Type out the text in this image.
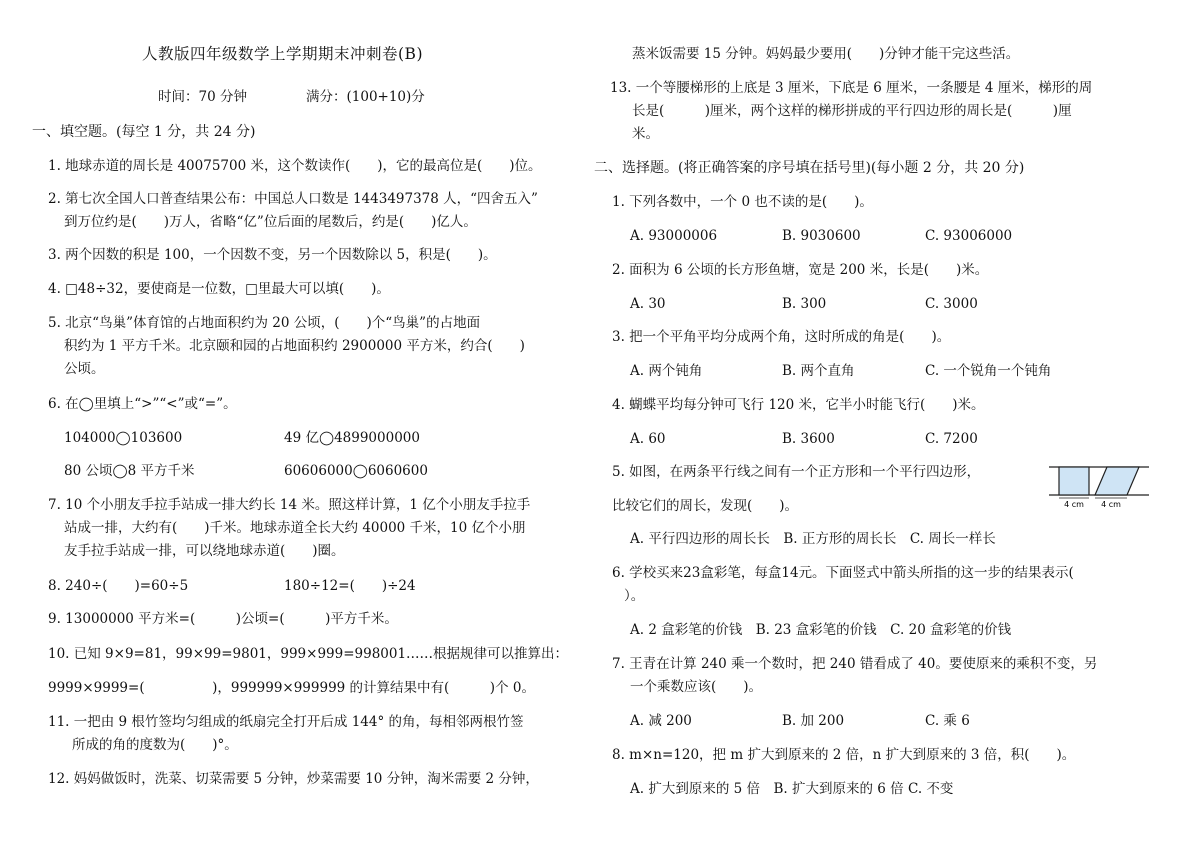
人教版四年级数学上学期期末冲刺卷(B)
时间：70 分钟	满分：(100+10)分
一、填空题。(每空 1 分，共 24 分)
1. 地球赤道的周长是 40075700 米，这个数读作(　　)，它的最高位是(　　)位。
2. 第七次全国人口普查结果公布：中国总人口数是 1443497378 人，“四舍五入”
到万位约是(　　)万人，省略“亿”位后面的尾数后，约是(　　)亿人。
3. 两个因数的积是 100，一个因数不变，另一个因数除以 5，积是(　　)。
4. □48÷32，要使商是一位数，□里最大可以填(　　)。
5. 北京“鸟巢”体育馆的占地面积约为 20 公顷，(　　)个“鸟巢”的占地面
积约为 1 平方千米。北京颐和园的占地面积约 2900000 平方米，约合(　　)
公顷。
6. 在◯里填上“>”“<”或“=”。
104000◯103600	49 亿◯4899000000
80 公顷◯8 平方千米	60606000◯6060600
7. 10 个小朋友手拉手站成一排大约长 14 米。照这样计算，1 亿个小朋友手拉手
站成一排，大约有(　　)千米。地球赤道全长大约 40000 千米，10 亿个小朋
友手拉手站成一排，可以绕地球赤道(　　)圈。
8. 240÷(　　)=60÷5	180÷12=(　　)÷24
9. 13000000 平方米=(　　　)公顷=(　　　)平方千米。
10. 已知 9×9=81，99×99=9801，999×999=998001……根据规律可以推算出：
9999×9999=(　　　　　)，999999×999999 的计算结果中有(　　　)个 0。
11. 一把由 9 根竹签均匀组成的纸扇完全打开后成 144° 的角，每相邻两根竹签
所成的角的度数为(　　)°。
12. 妈妈做饭时，洗菜、切菜需要 5 分钟，炒菜需要 10 分钟，淘米需要 2 分钟，
蒸米饭需要 15 分钟。妈妈最少要用(　　)分钟才能干完这些活。
13. 一个等腰梯形的上底是 3 厘米，下底是 6 厘米，一条腰是 4 厘米，梯形的周
长是(　　　)厘米，两个这样的梯形拼成的平行四边形的周长是(　　　)厘
米。
二、选择题。(将正确答案的序号填在括号里)(每小题 2 分，共 20 分)
1. 下列各数中，一个 0 也不读的是(　　)。
A. 93000006	B. 9030600	C. 93006000
2. 面积为 6 公顷的长方形鱼塘，宽是 200 米，长是(　　)米。
A. 30	B. 300	C. 3000
3. 把一个平角平均分成两个角，这时所成的角是(　　)。
A. 两个钝角	B. 两个直角	C. 一个锐角一个钝角
4. 蝴蝶平均每分钟可飞行 120 米，它半小时能飞行(　　)米。
A. 60	B. 3600	C. 7200
5. 如图，在两条平行线之间有一个正方形和一个平行四边形，
比较它们的周长，发现(　　)。	4 cm 4 cm
A. 平行四边形的周长长　B. 正方形的周长长　C. 周长一样长
6. 学校买来23盒彩笔，每盒14元。下面竖式中箭头所指的这一步的结果表示(
）。
A. 2 盒彩笔的价钱　B. 23 盒彩笔的价钱　C. 20 盒彩笔的价钱
7. 王青在计算 240 乘一个数时，把 240 错看成了 40。要使原来的乘积不变，另
一个乘数应该(　　)。
A. 减 200	B. 加 200	C. 乘 6
8. m×n=120，把 m 扩大到原来的 2 倍，n 扩大到原来的 3 倍，积(　　)。
A. 扩大到原来的 5 倍　B. 扩大到原来的 6 倍 C. 不变
